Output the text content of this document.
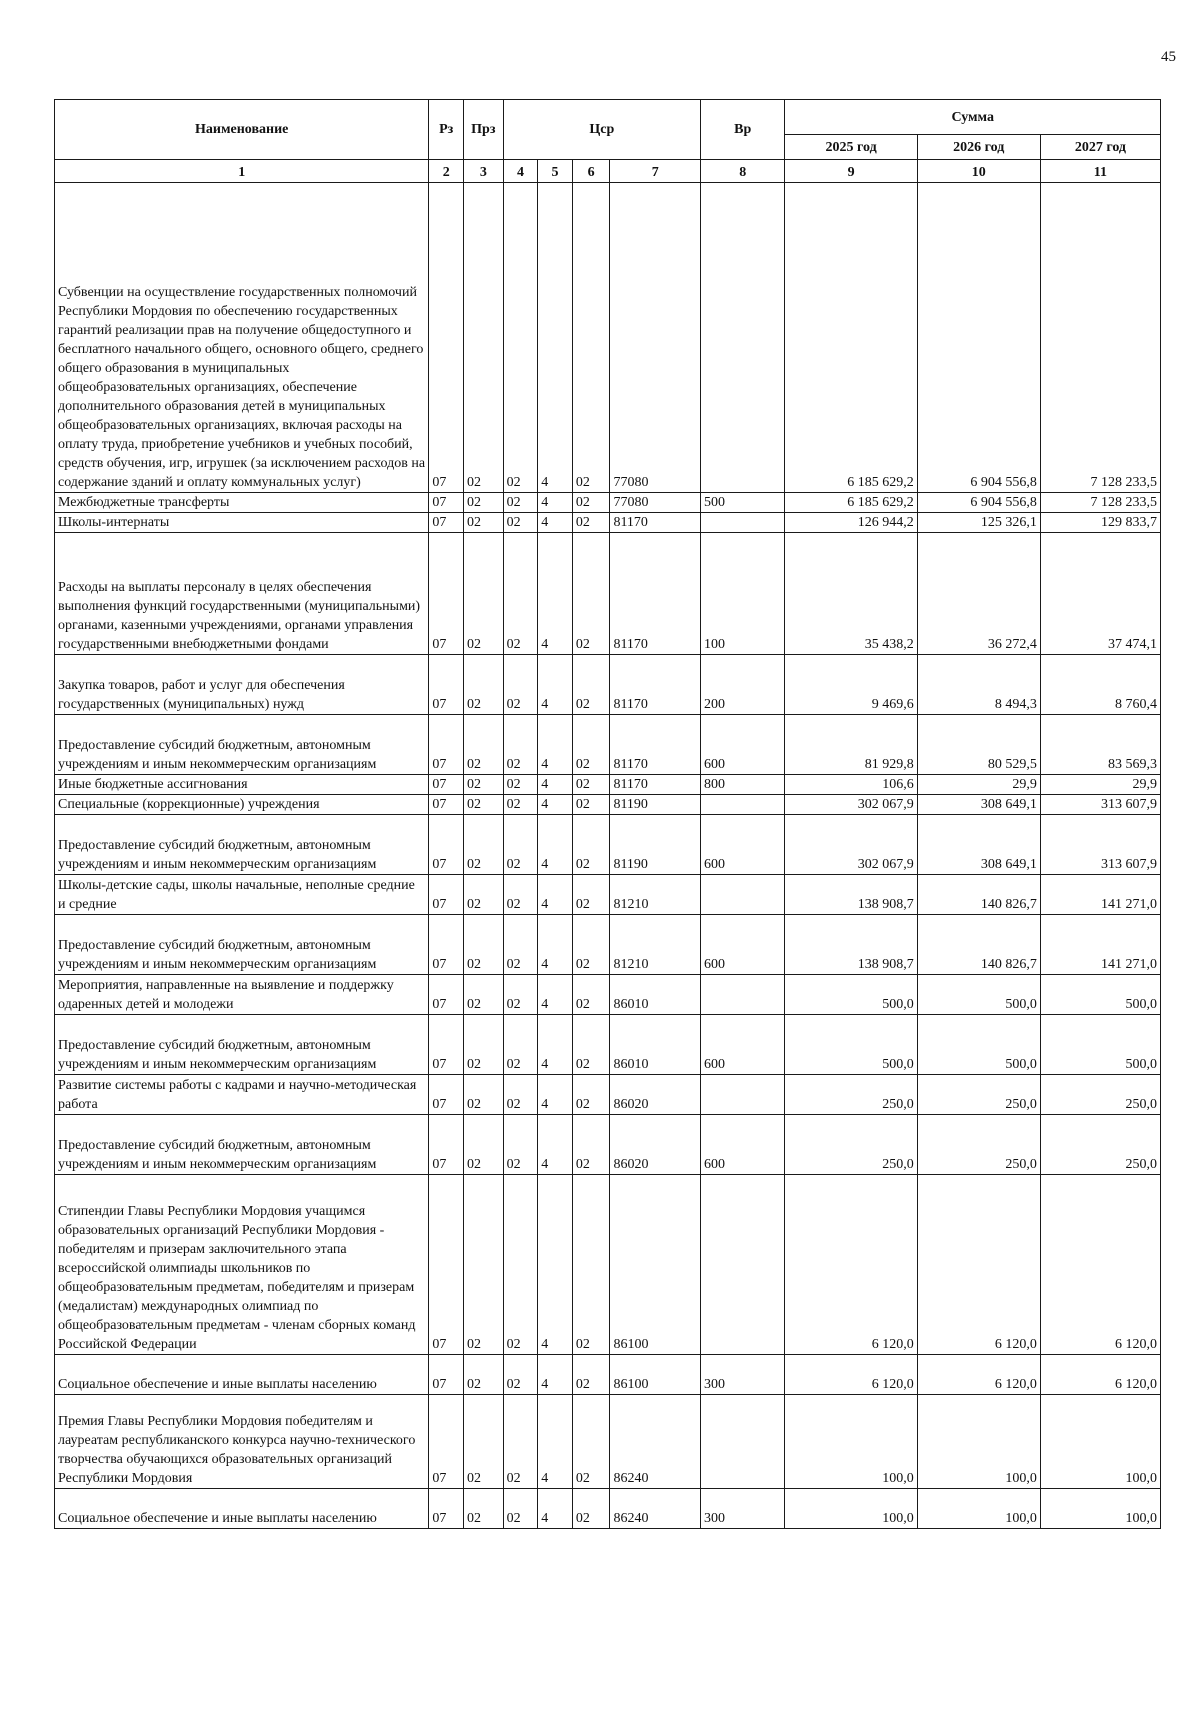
45
Наименование	Рз	Прз	Цср				Вр	Сумма		
								2025 год	2026 год	2027 год
1	2	3	4	5	6	7	8	9	10	11
Субвенции на осуществление государственных полномочий Республики Мордовия по обеспечению государственных гарантий реализации прав на получение общедоступного и бесплатного начального общего, основного общего, среднего общего образования в муниципальных общеобразовательных организациях, обеспечение дополнительного образования детей в муниципальных общеобразовательных организациях, включая расходы на оплату труда, приобретение учебников и учебных пособий, средств обучения, игр, игрушек (за исключением расходов на содержание зданий и оплату коммунальных услуг)	07	02	02	4	02	77080		6 185 629,2	6 904 556,8	7 128 233,5
Межбюджетные трансферты	07	02	02	4	02	77080	500	6 185 629,2	6 904 556,8	7 128 233,5
Школы-интернаты	07	02	02	4	02	81170		126 944,2	125 326,1	129 833,7
Расходы на выплаты персоналу в целях обеспечения выполнения функций государственными (муниципальными) органами, казенными учреждениями, органами управления государственными внебюджетными фондами	07	02	02	4	02	81170	100	35 438,2	36 272,4	37 474,1
Закупка товаров, работ и услуг для обеспечения государственных (муниципальных) нужд	07	02	02	4	02	81170	200	9 469,6	8 494,3	8 760,4
Предоставление субсидий бюджетным, автономным учреждениям и иным некоммерческим организациям	07	02	02	4	02	81170	600	81 929,8	80 529,5	83 569,3
Иные бюджетные ассигнования	07	02	02	4	02	81170	800	106,6	29,9	29,9
Специальные (коррекционные) учреждения	07	02	02	4	02	81190		302 067,9	308 649,1	313 607,9
Предоставление субсидий бюджетным, автономным учреждениям и иным некоммерческим организациям	07	02	02	4	02	81190	600	302 067,9	308 649,1	313 607,9
Школы-детские сады, школы начальные, неполные средние и средние	07	02	02	4	02	81210		138 908,7	140 826,7	141 271,0
Предоставление субсидий бюджетным, автономным учреждениям и иным некоммерческим организациям	07	02	02	4	02	81210	600	138 908,7	140 826,7	141 271,0
Мероприятия, направленные на выявление и поддержку одаренных детей и молодежи	07	02	02	4	02	86010		500,0	500,0	500,0
Предоставление субсидий бюджетным, автономным учреждениям и иным некоммерческим организациям	07	02	02	4	02	86010	600	500,0	500,0	500,0
Развитие системы работы с кадрами и научно-методическая работа	07	02	02	4	02	86020		250,0	250,0	250,0
Предоставление субсидий бюджетным, автономным учреждениям и иным некоммерческим организациям	07	02	02	4	02	86020	600	250,0	250,0	250,0
Стипендии Главы Республики Мордовия учащимся образовательных организаций Республики Мордовия - победителям и призерам заключительного этапа всероссийской олимпиады школьников по общеобразовательным предметам, победителям и призерам (медалистам) международных олимпиад по общеобразовательным предметам - членам сборных команд Российской Федерации	07	02	02	4	02	86100		6 120,0	6 120,0	6 120,0
Социальное обеспечение и иные выплаты населению	07	02	02	4	02	86100	300	6 120,0	6 120,0	6 120,0
Премия Главы Республики Мордовия победителям и лауреатам республиканского конкурса научно-технического творчества обучающихся образовательных организаций Республики Мордовия	07	02	02	4	02	86240		100,0	100,0	100,0
Социальное обеспечение и иные выплаты населению	07	02	02	4	02	86240	300	100,0	100,0	100,0
